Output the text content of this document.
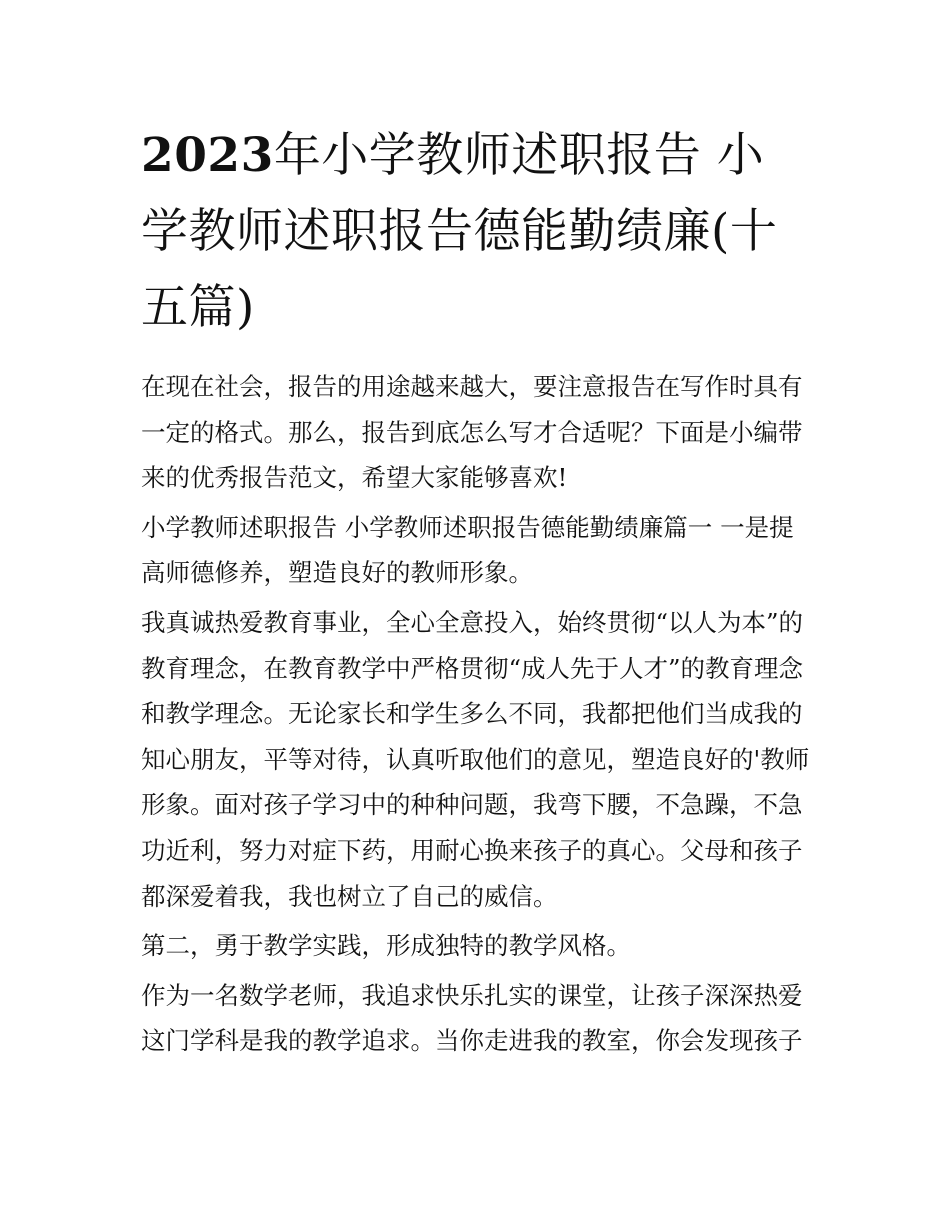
2023年小学教师述职报告 小学教师述职报告德能勤绩廉(十五篇)

在现在社会，报告的用途越来越大，要注意报告在写作时具有一定的格式。那么，报告到底怎么写才合适呢？下面是小编带来的优秀报告范文，希望大家能够喜欢!

小学教师述职报告 小学教师述职报告德能勤绩廉篇一 一是提高师德修养，塑造良好的教师形象。

我真诚热爱教育事业，全心全意投入，始终贯彻“以人为本”的教育理念，在教育教学中严格贯彻“成人先于人才”的教育理念和教学理念。无论家长和学生多么不同，我都把他们当成我的知心朋友，平等对待，认真听取他们的意见，塑造良好的'教师形象。面对孩子学习中的种种问题，我弯下腰，不急躁，不急功近利，努力对症下药，用耐心换来孩子的真心。父母和孩子都深爱着我，我也树立了自己的威信。

第二，勇于教学实践，形成独特的教学风格。

作为一名数学老师，我追求快乐扎实的课堂，让孩子深深热爱这门学科是我的教学追求。当你走进我的教室，你会发现孩子
